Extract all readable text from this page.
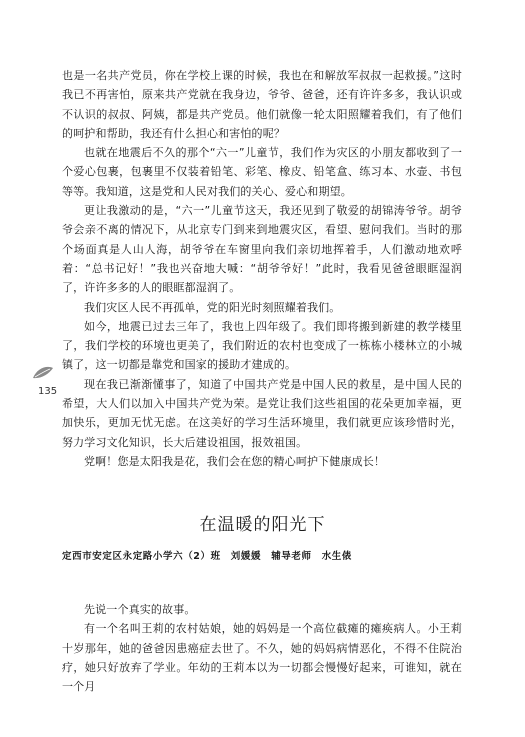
也是一名共产党员，你在学校上课的时候，我也在和解放军叔叔一起救援。”这时我已不再害怕，原来共产党就在我身边，爷爷、爸爸，还有许许多多，我认识或不认识的叔叔、阿姨，都是共产党员。他们就像一轮太阳照耀着我们，有了他们的呵护和帮助，我还有什么担心和害怕的呢？

也就在地震后不久的那个“六一”儿童节，我们作为灾区的小朋友都收到了一个爱心包裹，包裹里不仅装着铅笔、彩笔、橡皮、铅笔盒、练习本、水壶、书包等等。我知道，这是党和人民对我们的关心、爱心和期望。

更让我激动的是，“六一”儿童节这天，我还见到了敬爱的胡锦涛爷爷。胡爷爷会亲不离的情况下，从北京专门到来到地震灾区，看望、慰问我们。当时的那个场面真是人山人海，胡爷爷在车窗里向我们亲切地挥着手，人们激动地欢呼着：“总书记好！”我也兴奋地大喊：“胡爷爷好！”此时，我看见爸爸眼眶湿润了，许许多多的人的眼眶都湿润了。

我们灾区人民不再孤单，党的阳光时刻照耀着我们。

如今，地震已过去三年了，我也上四年级了。我们即将搬到新建的教学楼里了，我们学校的环境也更美了，我们附近的农村也变成了一栋栋小楼林立的小城镇了，这一切都是靠党和国家的援助才建成的。

现在我已渐渐懂事了，知道了中国共产党是中国人民的救星，是中国人民的希望，大人们以加入中国共产党为荣。是党让我们这些祖国的花朵更加幸福，更加快乐，更加无忧无虑。在这美好的学习生活环境里，我们就更应该珍惜时光，努力学习文化知识，长大后建设祖国，报效祖国。

党啊！您是太阳我是花，我们会在您的精心呵护下健康成长！

135
在温暖的阳光下

定西市安定区永定路小学六（2）班　刘媛媛　辅导老师　水生俵

先说一个真实的故事。

有一个名叫王莉的农村姑娘，她的妈妈是一个高位截瘫的瘫痪病人。小王莉十岁那年，她的爸爸因患癌症去世了。不久，她的妈妈病情恶化，不得不住院治疗，她只好放弃了学业。年幼的王莉本以为一切都会慢慢好起来，可谁知，就在一个月
